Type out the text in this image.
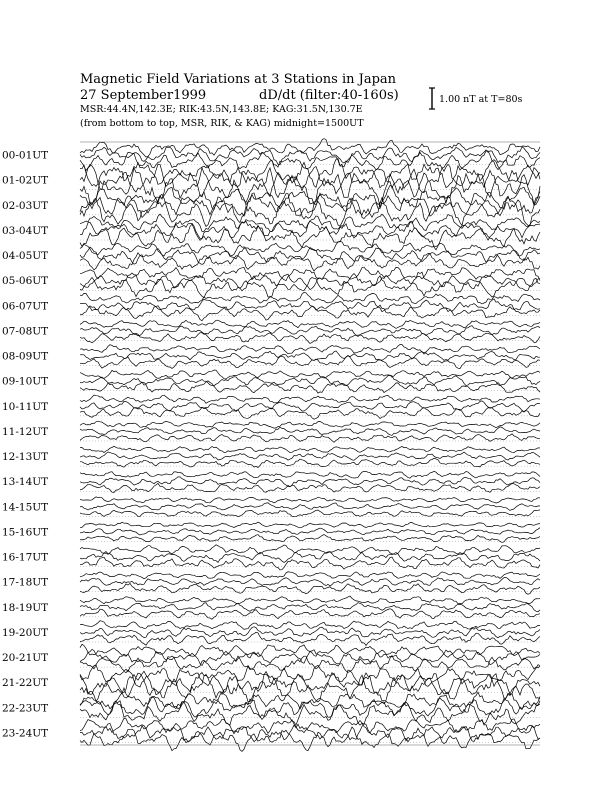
00-01UT
01-02UT
02-03UT
03-04UT
04-05UT
05-06UT
06-07UT
07-08UT
08-09UT
09-10UT
10-11UT
11-12UT
12-13UT
13-14UT
14-15UT
15-16UT
16-17UT
17-18UT
18-19UT
19-20UT
20-21UT
21-22UT
22-23UT
23-24UT
Magnetic Field Variations at 3 Stations in Japan
27 September1999	dD/dt (filter:40-160s)
MSR:44.4N,142.3E; RIK:43.5N,143.8E; KAG:31.5N,130.7E
(from bottom to top, MSR, RIK, & KAG) midnight=1500UT
1.00 nT at T=80s
